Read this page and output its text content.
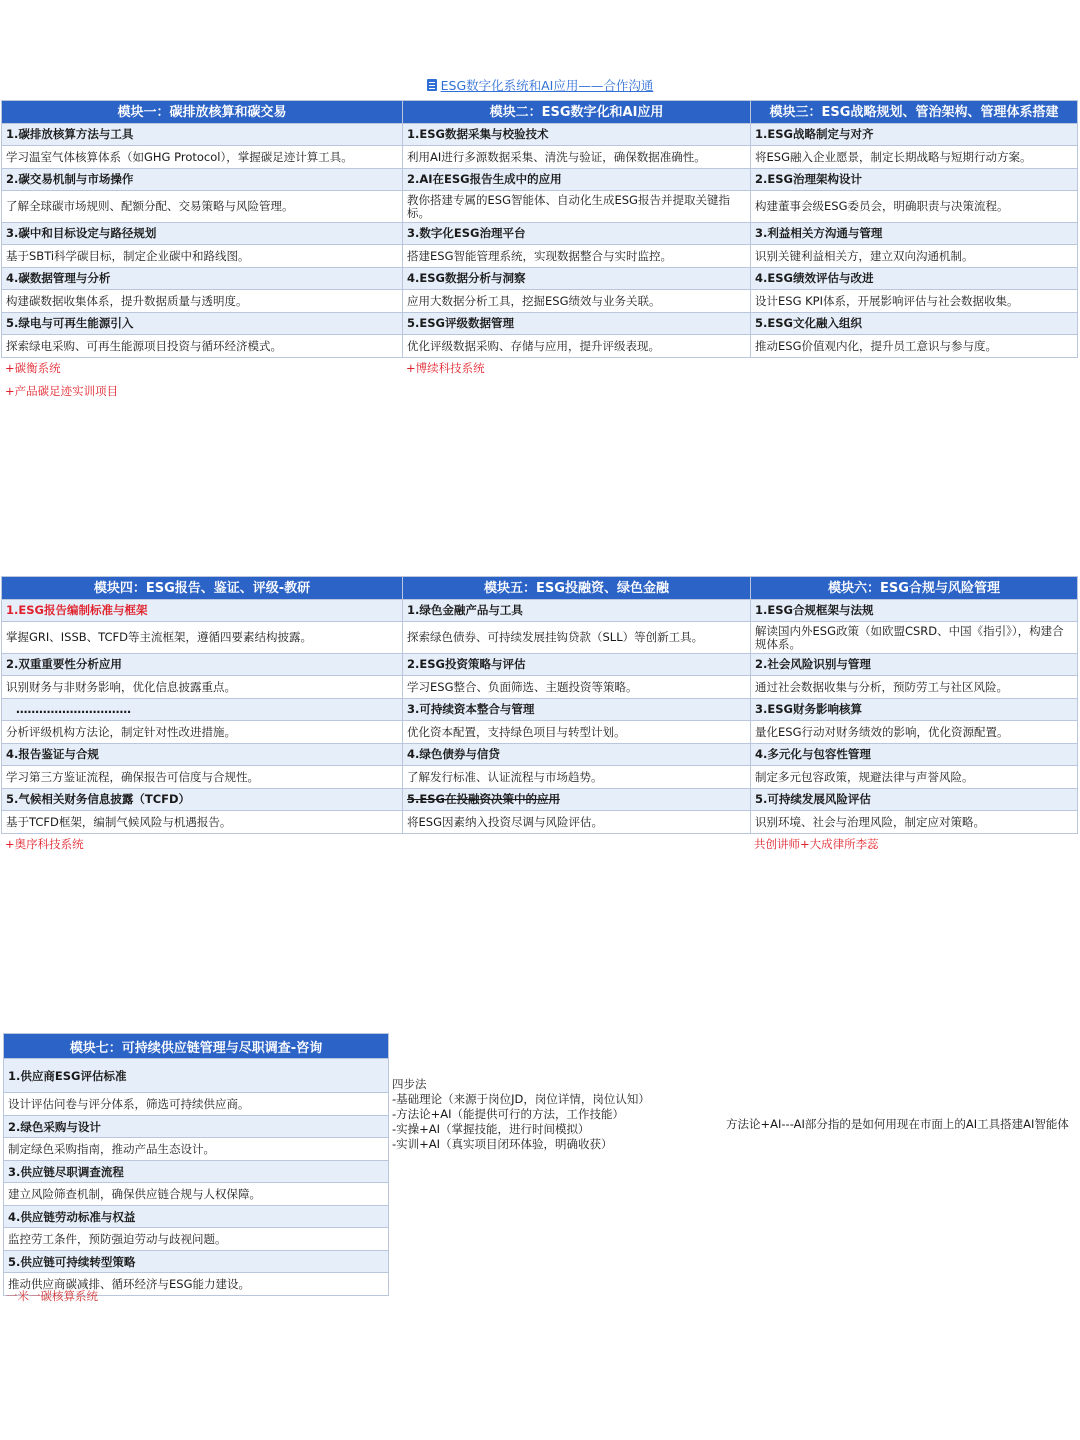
ESG数字化系统和AI应用——合作沟通
模块一：碳排放核算和碳交易	模块二：ESG数字化和AI应用	模块三：ESG战略规划、管治架构、管理体系搭建
1.碳排放核算方法与工具	1.ESG数据采集与校验技术	1.ESG战略制定与对齐
学习温室气体核算体系（如GHG Protocol），掌握碳足迹计算工具。	利用AI进行多源数据采集、清洗与验证，确保数据准确性。	将ESG融入企业愿景，制定长期战略与短期行动方案。
2.碳交易机制与市场操作	2.AI在ESG报告生成中的应用	2.ESG治理架构设计
了解全球碳市场规则、配额分配、交易策略与风险管理。	教你搭建专属的ESG智能体、自动化生成ESG报告并提取关键指标。	构建董事会级ESG委员会，明确职责与决策流程。
3.碳中和目标设定与路径规划	3.数字化ESG治理平台	3.利益相关方沟通与管理
基于SBTi科学碳目标，制定企业碳中和路线图。	搭建ESG智能管理系统，实现数据整合与实时监控。	识别关键利益相关方，建立双向沟通机制。
4.碳数据管理与分析	4.ESG数据分析与洞察	4.ESG绩效评估与改进
构建碳数据收集体系，提升数据质量与透明度。	应用大数据分析工具，挖掘ESG绩效与业务关联。	设计ESG KPI体系，开展影响评估与社会数据收集。
5.绿电与可再生能源引入	5.ESG评级数据管理	5.ESG文化融入组织
探索绿电采购、可再生能源项目投资与循环经济模式。	优化评级数据采购、存储与应用，提升评级表现。	推动ESG价值观内化，提升员工意识与参与度。
+碳衡系统	+博续科技系统
+产品碳足迹实训项目
模块四：ESG报告、鉴证、评级-教研	模块五：ESG投融资、绿色金融	模块六：ESG合规与风险管理
1.ESG报告编制标准与框架	1.绿色金融产品与工具	1.ESG合规框架与法规
掌握GRI、ISSB、TCFD等主流框架，遵循四要素结构披露。	探索绿色债券、可持续发展挂钩贷款（SLL）等创新工具。	解读国内外ESG政策（如欧盟CSRD、中国《指引》），构建合规体系。
2.双重重要性分析应用	2.ESG投资策略与评估	2.社会风险识别与管理
识别财务与非财务影响，优化信息披露重点。	学习ESG整合、负面筛选、主题投资等策略。	通过社会数据收集与分析，预防劳工与社区风险。
…………………………	3.可持续资本整合与管理	3.ESG财务影响核算
分析评级机构方法论，制定针对性改进措施。	优化资本配置，支持绿色项目与转型计划。	量化ESG行动对财务绩效的影响，优化资源配置。
4.报告鉴证与合规	4.绿色债券与信贷	4.多元化与包容性管理
学习第三方鉴证流程，确保报告可信度与合规性。	了解发行标准、认证流程与市场趋势。	制定多元包容政策，规避法律与声誉风险。
5.气候相关财务信息披露（TCFD）	5.ESG在投融资决策中的应用	5.可持续发展风险评估
基于TCFD框架，编制气候风险与机遇报告。	将ESG因素纳入投资尽调与风险评估。	识别环境、社会与治理风险，制定应对策略。
+奥序科技系统	共创讲师+大成律所李蕊
模块七：可持续供应链管理与尽职调查-咨询
1.供应商ESG评估标准
设计评估问卷与评分体系，筛选可持续供应商。
2.绿色采购与设计
制定绿色采购指南，推动产品生态设计。
3.供应链尽职调查流程
建立风险筛查机制，确保供应链合规与人权保障。
4.供应链劳动标准与权益
监控劳工条件，预防强迫劳动与歧视问题。
5.供应链可持续转型策略
推动供应商碳减排、循环经济与ESG能力建设。
一米一碳核算系统
四步法
-基础理论（来源于岗位JD，岗位详情，岗位认知）
-方法论+AI（能提供可行的方法，工作技能）
-实操+AI（掌握技能，进行时间模拟）
-实训+AI（真实项目闭环体验，明确收获）
方法论+AI---AI部分指的是如何用现在市面上的AI工具搭建AI智能体
